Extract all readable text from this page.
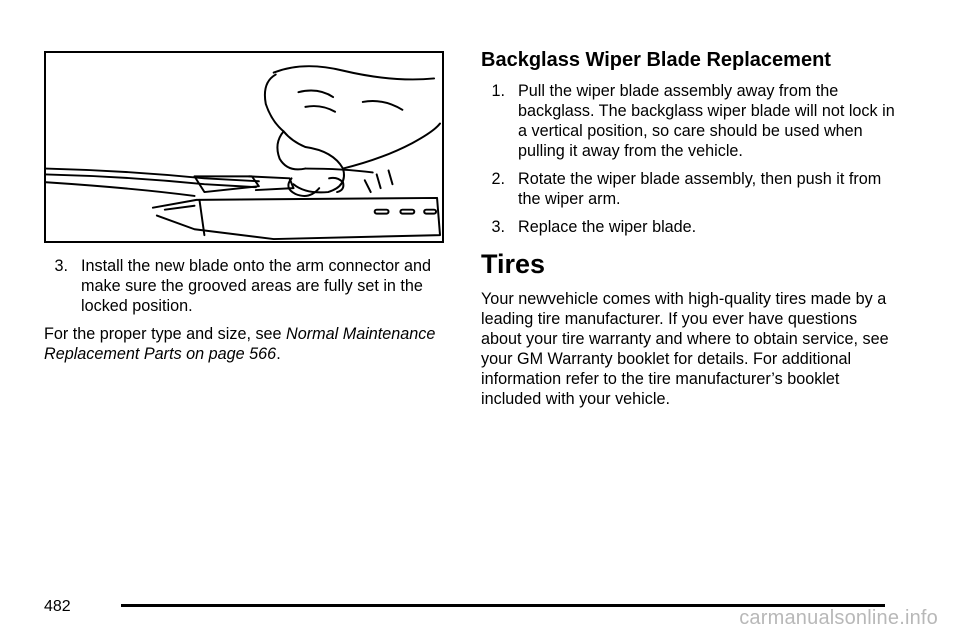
3. Install the new blade onto the arm connector and make sure the grooved areas are fully set in the locked position.

For the proper type and size, see Normal Maintenance Replacement Parts on page 566.

Backglass Wiper Blade Replacement
1. Pull the wiper blade assembly away from the backglass. The backglass wiper blade will not lock in a vertical position, so care should be used when pulling it away from the vehicle.
2. Rotate the wiper blade assembly, then push it from the wiper arm.
3. Replace the wiper blade.
Tires

Your newvehicle comes with high-quality tires made by a leading tire manufacturer. If you ever have questions about your tire warranty and where to obtain service, see your GM Warranty booklet for details. For additional information refer to the tire manufacturer’s booklet included with your vehicle.

482
carmanualsonline.info
